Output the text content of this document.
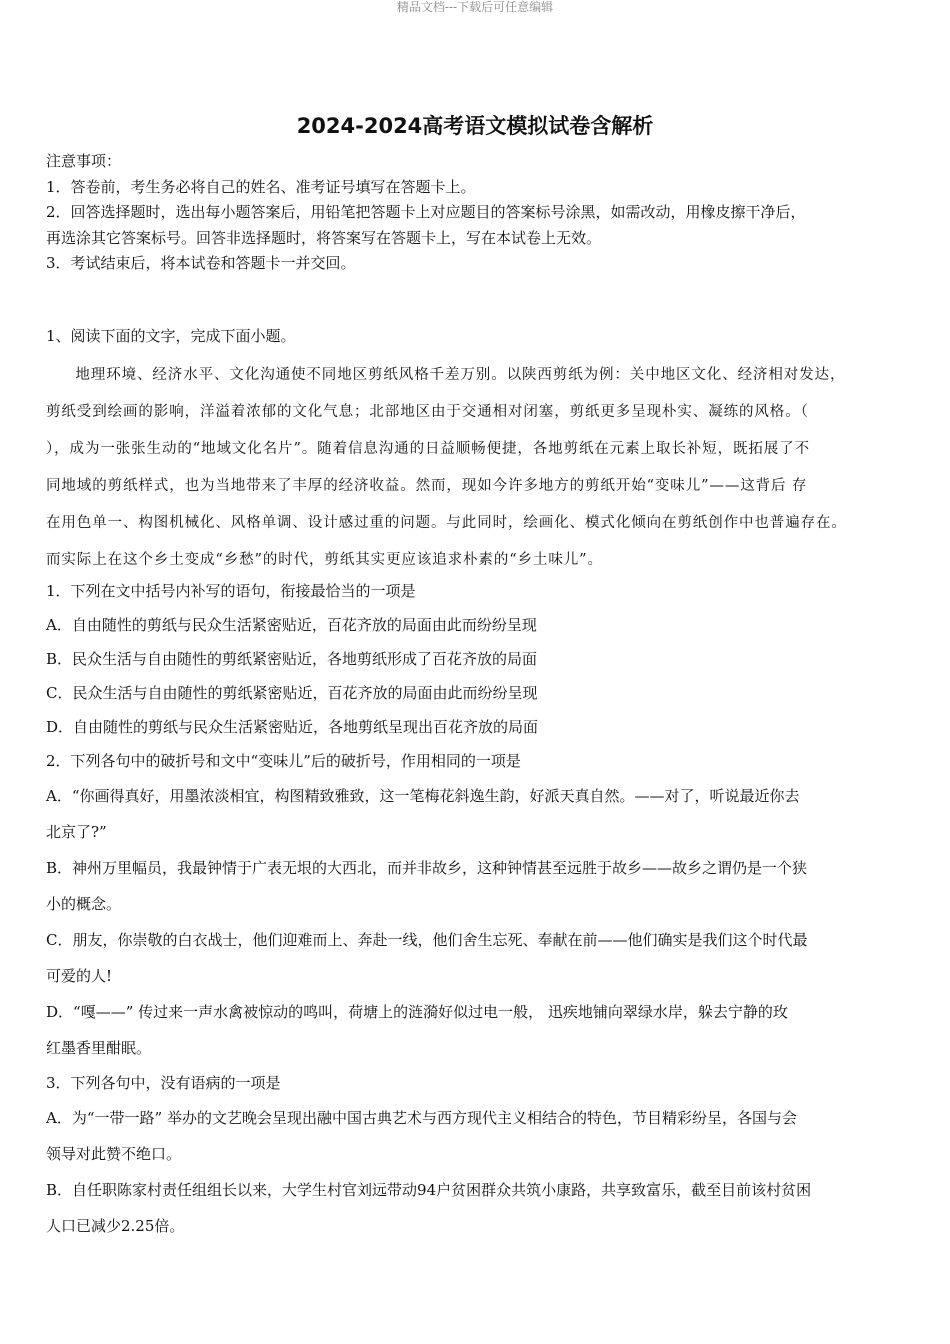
精品文档---下载后可任意编辑
2024-2024高考语文模拟试卷含解析
注意事项：
1．答卷前，考生务必将自己的姓名、准考证号填写在答题卡上。
2．回答选择题时，选出每小题答案后，用铅笔把答题卡上对应题目的答案标号涂黑，如需改动，用橡皮擦干净后，
再选涂其它答案标号。回答非选择题时，将答案写在答题卡上，写在本试卷上无效。
3．考试结束后，将本试卷和答题卡一并交回。
1、阅读下面的文字，完成下面小题。
　地理环境、经济水平、文化沟通使不同地区剪纸风格千差万别。以陕西剪纸为例：关中地区文化、经济相对发达，
剪纸受到绘画的影响，洋溢着浓郁的文化气息；北部地区由于交通相对闭塞，剪纸更多呈现朴实、凝练的风格。（
），成为一张张生动的“地域文化名片”。随着信息沟通的日益顺畅便捷，各地剪纸在元素上取长补短，既拓展了不
同地域的剪纸样式，也为当地带来了丰厚的经济收益。然而，现如今许多地方的剪纸开始“变味儿”——这背后 存
在用色单一、构图机械化、风格单调、设计感过重的问题。与此同时，绘画化、模式化倾向在剪纸创作中也普遍存在。
而实际上在这个乡土变成“乡愁”的时代，剪纸其实更应该追求朴素的“乡土味儿”。
1．下列在文中括号内补写的语句，衔接最恰当的一项是
A．自由随性的剪纸与民众生活紧密贴近，百花齐放的局面由此而纷纷呈现
B．民众生活与自由随性的剪纸紧密贴近，各地剪纸形成了百花齐放的局面
C．民众生活与自由随性的剪纸紧密贴近，百花齐放的局面由此而纷纷呈现
D．自由随性的剪纸与民众生活紧密贴近，各地剪纸呈现出百花齐放的局面
2．下列各句中的破折号和文中“变味儿”后的破折号，作用相同的一项是
A．“你画得真好，用墨浓淡相宜，构图精致雅致，这一笔梅花斜逸生韵，好派天真自然。——对了，听说最近你去
北京了?”
B．神州万里幅员，我最钟情于广表无垠的大西北，而并非故乡，这种钟情甚至远胜于故乡——故乡之谓仍是一个狭
小的概念。
C．朋友，你崇敬的白衣战士，他们迎难而上、奔赴一线，他们舍生忘死、奉献在前——他们确实是我们这个时代最
可爱的人!
D．“嘎——” 传过来一声水禽被惊动的鸣叫，荷塘上的涟漪好似过电一般， 迅疾地铺向翠绿水岸，躲去宁静的玫
红墨香里酣眠。
3．下列各句中，没有语病的一项是
A．为“一带一路” 举办的文艺晚会呈现出融中国古典艺术与西方现代主义相结合的特色，节目精彩纷呈，各国与会
领导对此赞不绝口。
B．自任职陈家村责任组组长以来，大学生村官刘远带动94户贫困群众共筑小康路，共享致富乐，截至目前该村贫困
人口已减少2.25倍。
